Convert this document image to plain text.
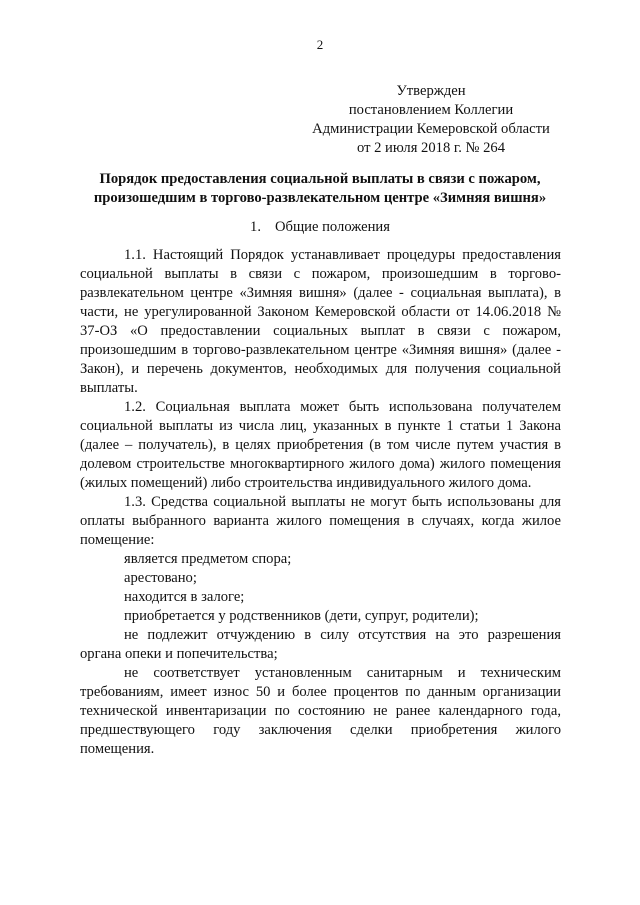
2
Утвержден
постановлением Коллегии
Администрации Кемеровской области
от 2 июля 2018 г. № 264
Порядок предоставления социальной выплаты в связи с пожаром,
произошедшим в торгово-развлекательном центре «Зимняя вишня»
1. Общие положения

1.1. Настоящий Порядок устанавливает процедуры предоставления социальной выплаты в связи с пожаром, произошедшим в торгово-развлекательном центре «Зимняя вишня» (далее - социальная выплата), в части, не урегулированной Законом Кемеровской области от 14.06.2018 № 37-ОЗ «О предоставлении социальных выплат в связи с пожаром, произошедшим в торгово-развлекательном центре «Зимняя вишня» (далее - Закон), и перечень документов, необходимых для получения социальной выплаты.

1.2. Социальная выплата может быть использована получателем социальной выплаты из числа лиц, указанных в пункте 1 статьи 1 Закона (далее – получатель), в целях приобретения (в том числе путем участия в долевом строительстве многоквартирного жилого дома) жилого помещения (жилых помещений) либо строительства индивидуального жилого дома.

1.3. Средства социальной выплаты не могут быть использованы для оплаты выбранного варианта жилого помещения в случаях, когда жилое помещение:

является предметом спора;

арестовано;

находится в залоге;

приобретается у родственников (дети, супруг, родители);

не подлежит отчуждению в силу отсутствия на это разрешения органа опеки и попечительства;

не соответствует установленным санитарным и техническим требованиям, имеет износ 50 и более процентов по данным организации технической инвентаризации по состоянию не ранее календарного года, предшествующего году заключения сделки приобретения жилого помещения.
